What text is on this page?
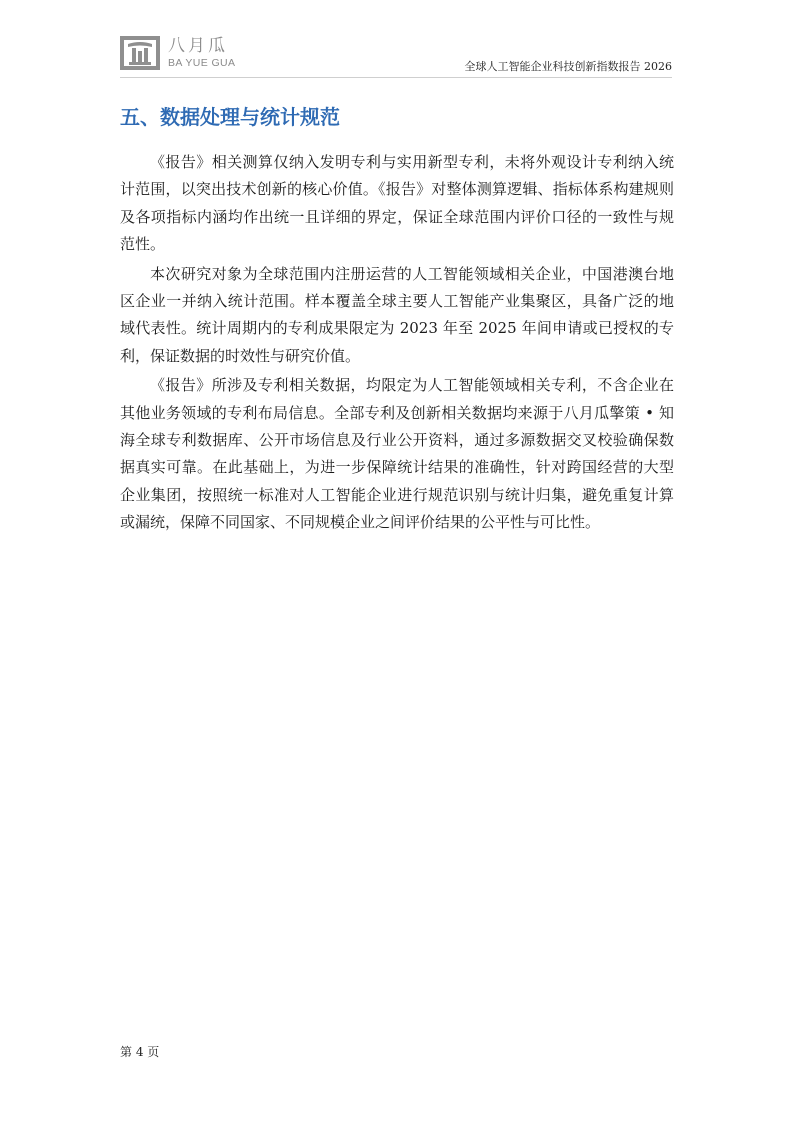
八月瓜
BA YUE GUA	全球人工智能企业科技创新指数报告 2026
五、数据处理与统计规范

《报告》相关测算仅纳入发明专利与实用新型专利，未将外观设计专利纳入统计范围，以突出技术创新的核心价值。《报告》对整体测算逻辑、指标体系构建规则及各项指标内涵均作出统一且详细的界定，保证全球范围内评价口径的一致性与规范性。

本次研究对象为全球范围内注册运营的人工智能领域相关企业，中国港澳台地区企业一并纳入统计范围。样本覆盖全球主要人工智能产业集聚区，具备广泛的地域代表性。统计周期内的专利成果限定为 2023 年至 2025 年间申请或已授权的专利，保证数据的时效性与研究价值。

《报告》所涉及专利相关数据，均限定为人工智能领域相关专利，不含企业在其他业务领域的专利布局信息。全部专利及创新相关数据均来源于八月瓜擎策 • 知海全球专利数据库、公开市场信息及行业公开资料，通过多源数据交叉校验确保数据真实可靠。在此基础上，为进一步保障统计结果的准确性，针对跨国经营的大型企业集团，按照统一标准对人工智能企业进行规范识别与统计归集，避免重复计算或漏统，保障不同国家、不同规模企业之间评价结果的公平性与可比性。

第 4 页
